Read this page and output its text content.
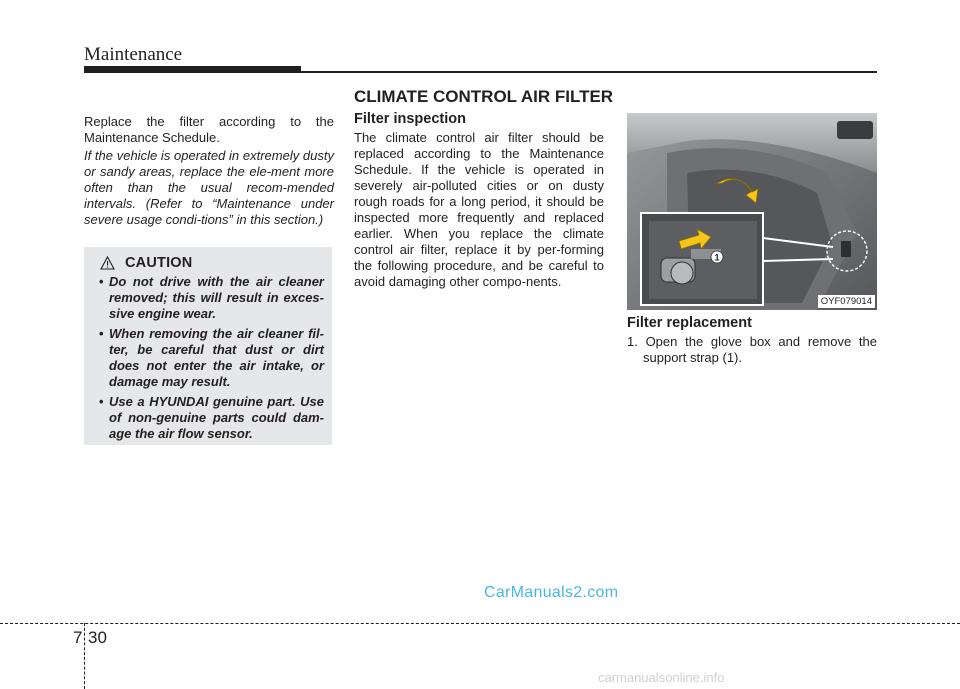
Maintenance
CLIMATE CONTROL AIR FILTER

Replace the filter according to the Maintenance Schedule.

If the vehicle is operated in extremely dusty or sandy areas, replace the ele-ment more often than the usual recom-mended intervals. (Refer to “Maintenance under severe usage condi-tions” in this section.)

CAUTION
• Do not drive with the air cleaner removed; this will result in exces-sive engine wear.
• When removing the air cleaner fil-ter, be careful that dust or dirt does not enter the air intake, or damage may result.
• Use a HYUNDAI genuine part. Use of non-genuine parts could dam-age the air flow sensor.
Filter inspection

The climate control air filter should be replaced according to the Maintenance Schedule. If the vehicle is operated in severely air-polluted cities or on dusty rough roads for a long period, it should be inspected more frequently and replaced earlier. When you replace the climate control air filter, replace it by per-forming the following procedure, and be careful to avoid damaging other compo-nents.

1
OYF079014
Filter replacement
1. Open the glove box and remove the support strap (1).
CarManuals2.com
7 30
carmanualsonline.info
